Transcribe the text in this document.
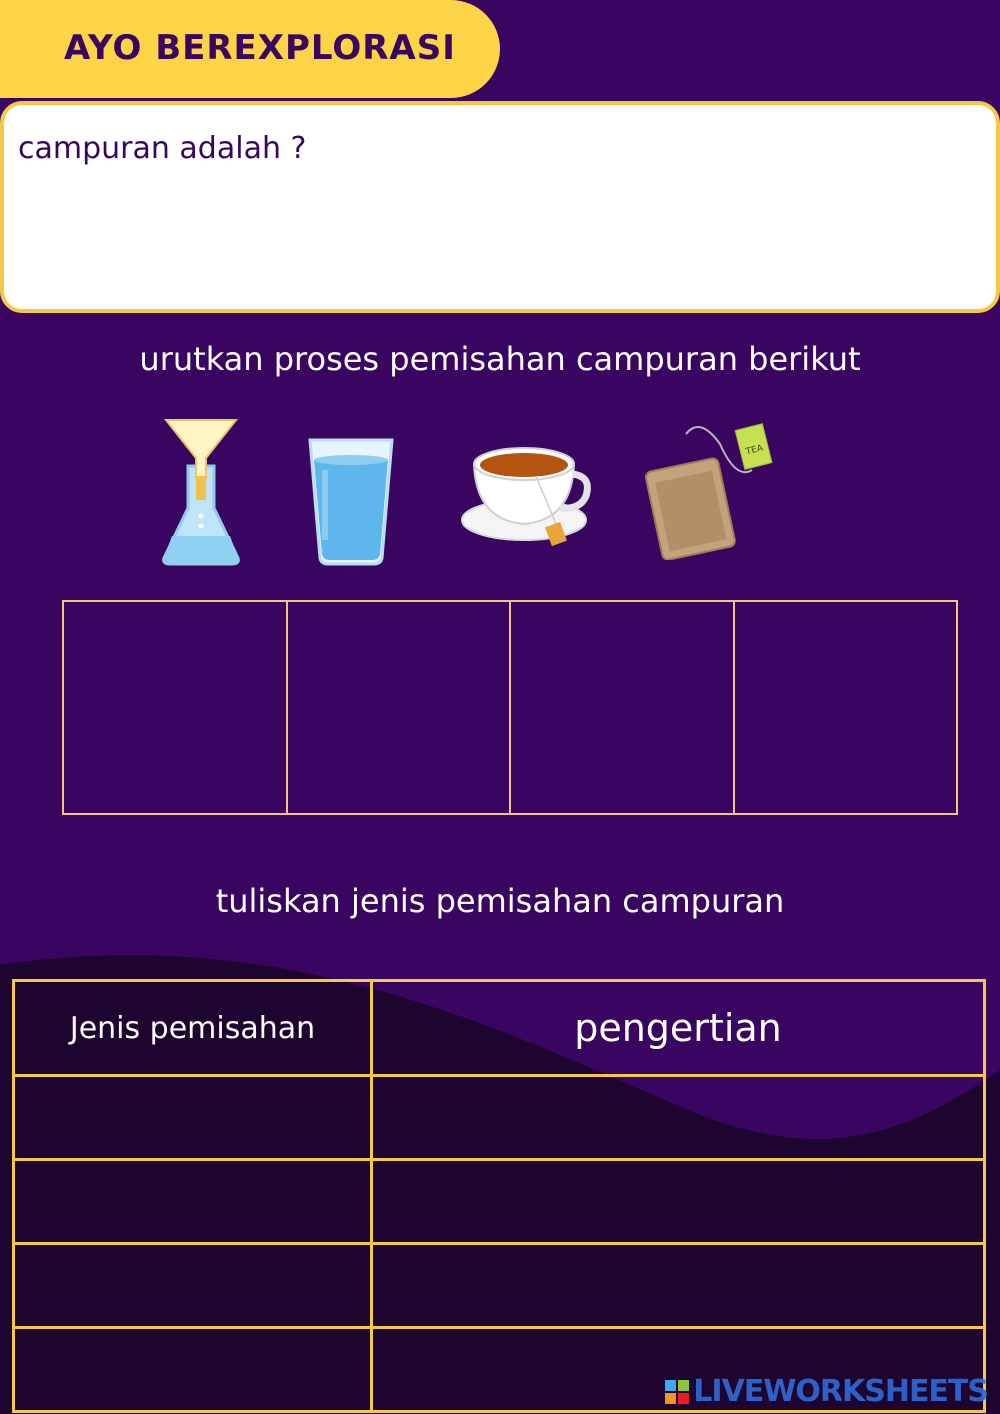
AYO BEREXPLORASI
campuran adalah ?
urutkan proses pemisahan campuran berikut
TEA
tuliskan jenis pemisahan campuran
Jenis pemisahan	pengertian

LIVEWORKSHEETS
